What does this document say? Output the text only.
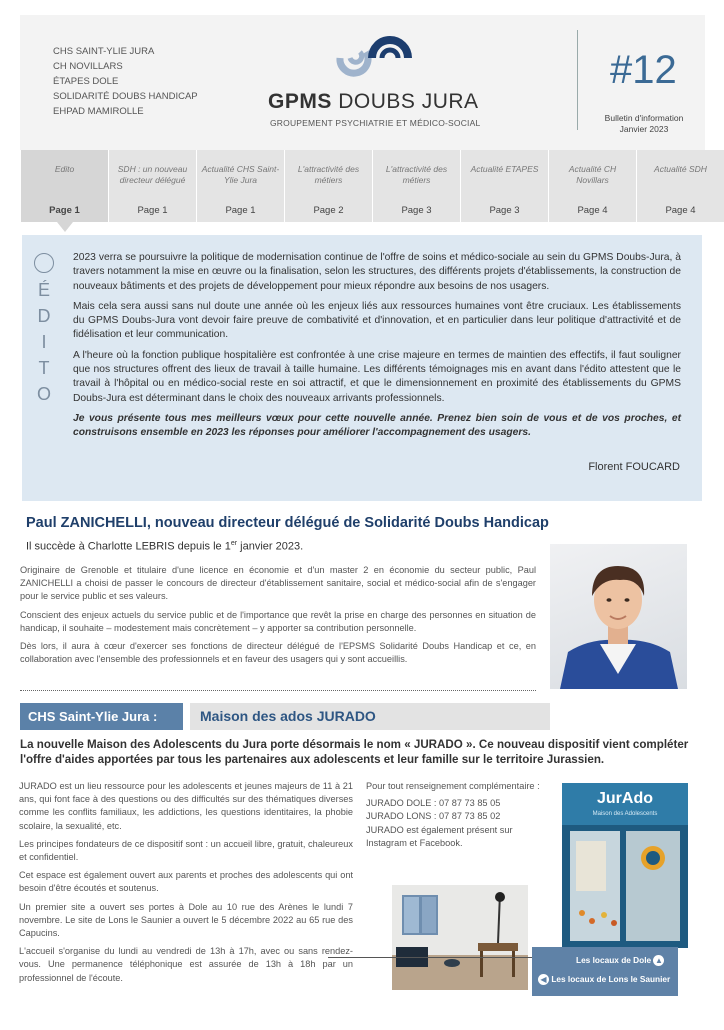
CHS SAINT-YLIE JURA
CH NOVILLARS
ÉTAPES DOLE
SOLIDARITÉ DOUBS HANDICAP
EHPAD MAMIROLLE	GPMS DOUBS JURA
GROUPEMENT PSYCHIATRIE ET MÉDICO-SOCIAL
#12
Bulletin d'information
Janvier 2023
Edito
Page 1
SDH : un nouveau directeur délégué
Page 1
Actualité CHS Saint-Ylie Jura
Page 1
L'attractivité des métiers
Page 2
L'attractivité des métiers
Page 3
Actualité ETAPES
Page 3
Actualité CH Novillars
Page 4
Actualité SDH
Page 4
É
D
I
T
O

2023 verra se poursuivre la politique de modernisation continue de l'offre de soins et médico-sociale au sein du GPMS Doubs-Jura, à travers notamment la mise en œuvre ou la finalisation, selon les structures, des différents projets d'établissements, la construction de nouveaux bâtiments et des projets de développement pour mieux répondre aux besoins de nos usagers.

Mais cela sera aussi sans nul doute une année où les enjeux liés aux ressources humaines vont être cruciaux. Les établissements du GPMS Doubs-Jura vont devoir faire preuve de combativité et d'innovation, et en particulier dans leur politique d'attractivité et de fidélisation et leur communication.

A l'heure où la fonction publique hospitalière est confrontée à une crise majeure en termes de maintien des effectifs, il faut souligner que nos structures offrent des lieux de travail à taille humaine. Les différents témoignages mis en avant dans l'édito attestent que le travail à l'hôpital ou en médico-social reste en soi attractif, et que le dimensionnement en proximité des établissements du GPMS Doubs-Jura est déterminant dans le choix des nouveaux arrivants professionnels.

Je vous présente tous mes meilleurs vœux pour cette nouvelle année. Prenez bien soin de vous et de vos proches, et construisons ensemble en 2023 les réponses pour améliorer l'accompagnement des usagers.

Florent FOUCARD
Paul ZANICHELLI, nouveau directeur délégué de Solidarité Doubs Handicap
Il succède à Charlotte LEBRIS depuis le 1er janvier 2023.

Originaire de Grenoble et titulaire d'une licence en économie et d'un master 2 en économie du secteur public, Paul ZANICHELLI a choisi de passer le concours de directeur d'établissement sanitaire, social et médico-social afin de s'engager pour le service public et ses valeurs.

Conscient des enjeux actuels du service public et de l'importance que revêt la prise en charge des personnes en situation de handicap, il souhaite – modestement mais concrètement – y apporter sa contribution personnelle.

Dès lors, il aura à cœur d'exercer ses fonctions de directeur délégué de l'EPSMS Solidarité Doubs Handicap et ce, en collaboration avec l'ensemble des professionnels et en faveur des usagers qui y sont accueillis.

CHS Saint-Ylie Jura :	Maison des ados JURADO
La nouvelle Maison des Adolescents du Jura porte désormais le nom « JURADO ». Ce nouveau dispositif vient compléter l'offre d'aides apportées par tous les partenaires aux adolescents et leur famille sur le territoire Jurassien.

JURADO est un lieu ressource pour les adolescents et jeunes majeurs de 11 à 21 ans, qui font face à des questions ou des difficultés sur des thématiques diverses comme les conflits familiaux, les addictions, les questions identitaires, la phobie scolaire, la sexualité, etc.

Les principes fondateurs de ce dispositif sont : un accueil libre, gratuit, chaleureux et confidentiel.

Cet espace est également ouvert aux parents et proches des adolescents qui ont besoin d'être écoutés et soutenus.

Un premier site a ouvert ses portes à Dole au 10 rue des Arènes le lundi 7 novembre. Le site de Lons le Saunier a ouvert le 5 décembre 2022 au 65 rue des Capucins.

L'accueil s'organise du lundi au vendredi de 13h à 17h, avec ou sans rendez-vous. Une permanence téléphonique est assurée de 13h à 18h par un professionnel de l'écoute.

Pour tout renseignement complémentaire :

JURADO DOLE : 07 87 73 85 05
JURADO LONS : 07 87 73 85 02
JURADO est également présent sur Instagram et Facebook.
JurAdo
Maison des Adolescents
Les locaux de Dole ▲
◀ Les locaux de Lons le Saunier
